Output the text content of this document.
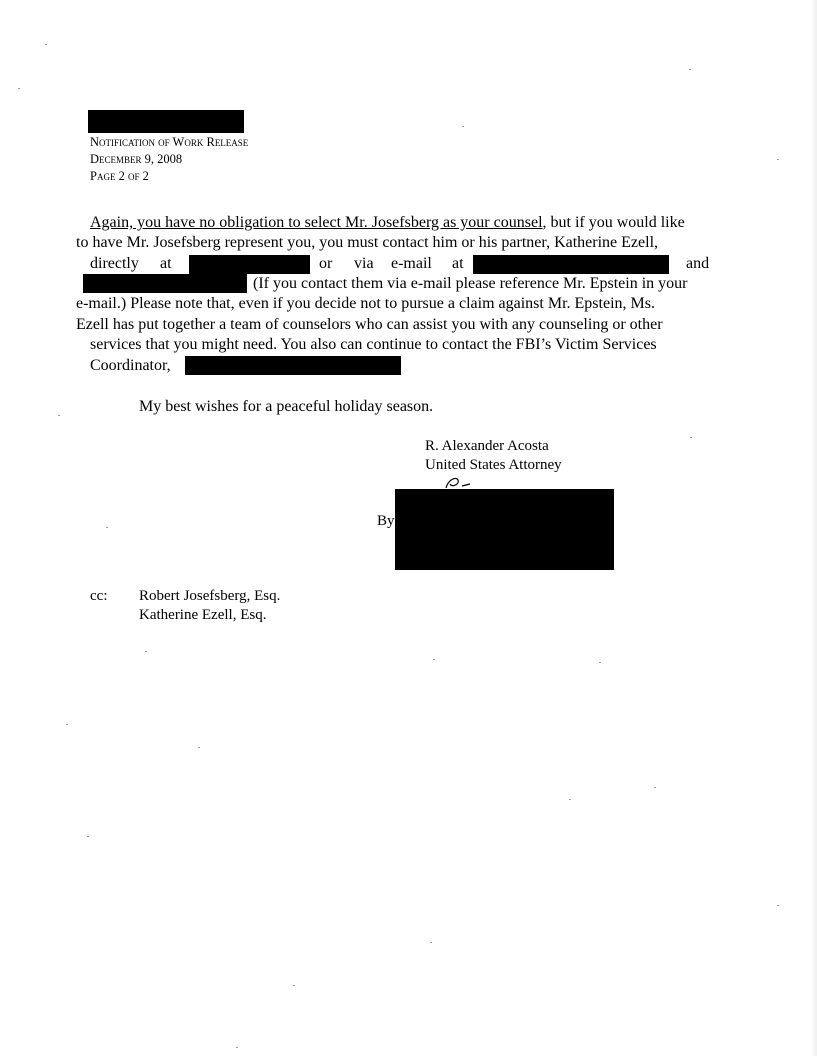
Notification of Work Release
December 9, 2008
Page 2 of 2
Again, you have no obligation to select Mr. Josefsberg as your counsel, but if you would like
to have Mr. Josefsberg represent you, you must contact him or his partner, Katherine Ezell,
directly at	or via e-mail at	and
(If you contact them via e-mail please reference Mr. Epstein in your
e-mail.) Please note that, even if you decide not to pursue a claim against Mr. Epstein, Ms.
Ezell has put together a team of counselors who can assist you with any counseling or other
services that you might need. You also can continue to contact the FBI’s Victim Services
Coordinator,
My best wishes for a peaceful holiday season.
R. Alexander Acosta
United States Attorney
By
cc: Robert Josefsberg, Esq.
Katherine Ezell, Esq.
